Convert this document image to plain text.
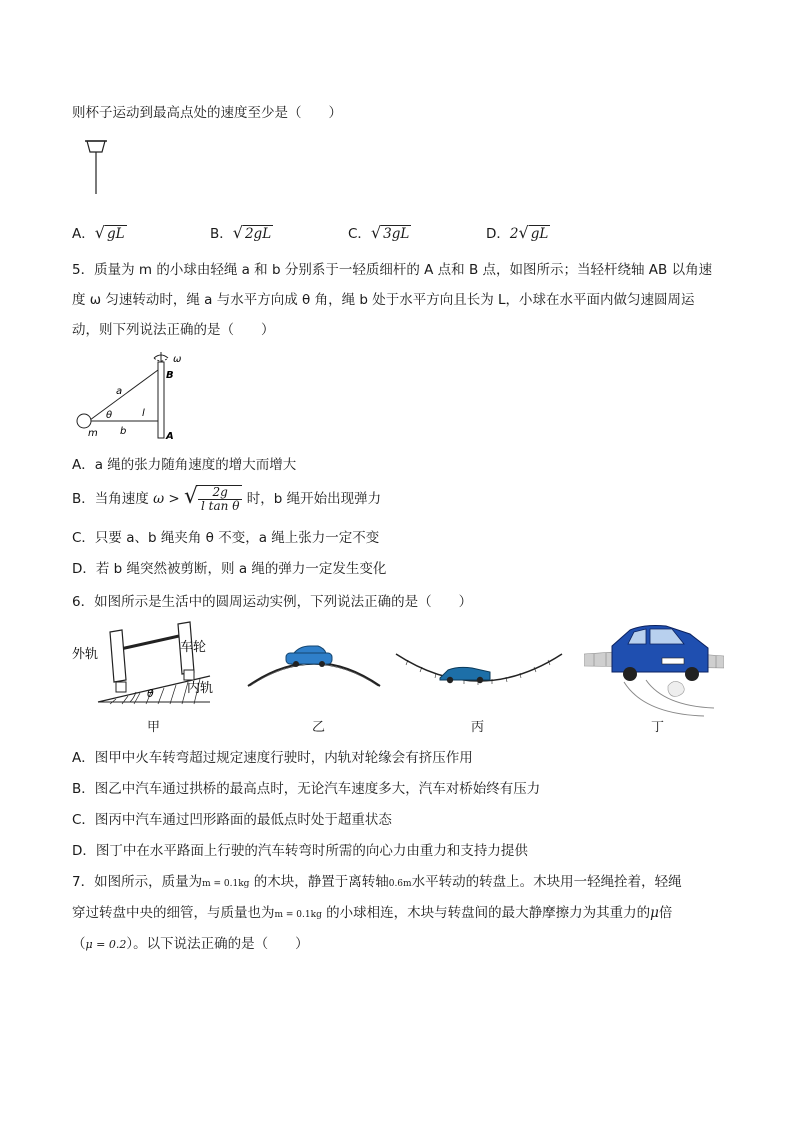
则杯子运动到最高点处的速度至少是（　　）
A．√ gL	B．√ 2gL	C．√ 3gL	D．2√ gL
5．质量为 m 的小球由轻绳 a 和 b 分别系于一轻质细杆的 A 点和 B 点，如图所示；当轻杆绕轴 AB 以角速
度 ω 匀速转动时，绳 a 与水平方向成 θ 角，绳 b 处于水平方向且长为 L，小球在水平面内做匀速圆周运
动，则下列说法正确的是（　　）
ω
B
A
a
b
θ	l
m
A．a 绳的张力随角速度的增大而增大
B．当角速度 ω > √ $\frac{2g}{\text{l tan θ}}$ 时，b 绳开始出现弹力
C．只要 a、b 绳夹角 θ 不变，a 绳上张力一定不变
D．若 b 绳突然被剪断，则 a 绳的弹力一定发生变化
6．如图所示是生活中的圆周运动实例，下列说法正确的是（　　）
θ
外轨	车轮
内轨
甲	乙	丙	丁
A．图甲中火车转弯超过规定速度行驶时，内轨对轮缘会有挤压作用
B．图乙中汽车通过拱桥的最高点时，无论汽车速度多大，汽车对桥始终有压力
C．图丙中汽车通过凹形路面的最低点时处于超重状态
D．图丁中在水平路面上行驶的汽车转弯时所需的向心力由重力和支持力提供
7．如图所示，质量为m = 0.1kg 的木块，静置于离转轴0.6m水平转动的转盘上。木块用一轻绳拴着，轻绳
穿过转盘中央的细管，与质量也为m = 0.1kg 的小球相连，木块与转盘间的最大静摩擦力为其重力的μ倍
（μ = 0.2）。以下说法正确的是（　　）
